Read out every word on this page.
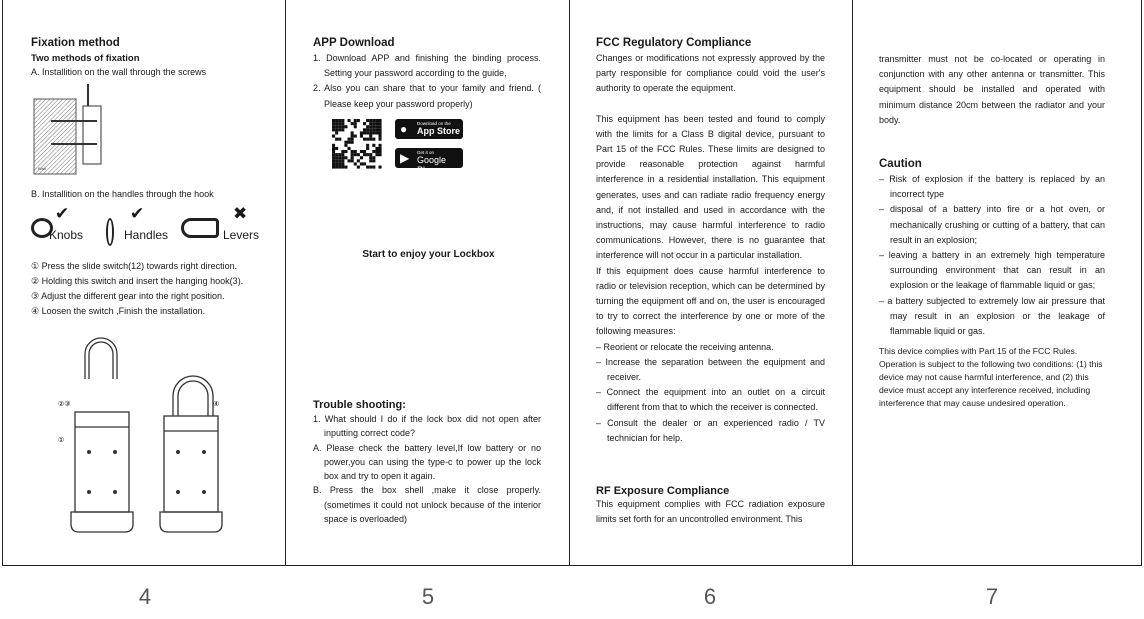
Fixation method
Two methods of fixation
A. Installition on the wall through the screws
Wall
B. Installition on the handles through the hook
✔
Knobs
✔
Handles
✖
Levers

① Press the slide switch(12) towards right direction.

② Holding this switch and insert the hanging hook(3).

③ Adjust the different gear into the right position.

④ Loosen the switch ,Finish the installation.

②③
①
④
4
APP Download

1. Download APP and finishing the binding process. Setting your password according to the guide,

2. Also you can share that to your family and friend. ( Please keep your password properly)

● Download on the
App Store
▶ Get it on
Google Play
Start to enjoy your Lockbox
Trouble shooting:

1. What should I do if the lock box did not open after inputting correct code?

A. Please check the battery level,If low battery or no power,you can using the type-c to power up the lock box and try to open it again.

B. Press the box shell ,make it close properly. (sometimes it could not unlock because of the interior space is overloaded)

5
FCC Regulatory Compliance

Changes or modifications not expressly approved by the party responsible for compliance could void the user's authority to operate the equipment.

This equipment has been tested and found to comply with the limits for a Class B digital device, pursuant to Part 15 of the FCC Rules. These limits are designed to provide reasonable protection against harmful interference in a residential installation. This equipment generates, uses and can radiate radio frequency energy and, if not installed and used in accordance with the instructions, may cause harmful interference to radio communications. However, there is no guarantee that interference will not occur in a particular installation.

If this equipment does cause harmful interference to radio or television reception, which can be determined by turning the equipment off and on, the user is encouraged to try to correct the interference by one or more of the following measures:

– Reorient or relocate the receiving antenna.

– Increase the separation between the equipment and receiver.

– Connect the equipment into an outlet on a circuit different from that to which the receiver is connected.

– Consult the dealer or an experienced radio / TV technician for help.

RF Exposure Compliance
This equipment complies with FCC radiation exposure limits set forth for an uncontrolled environment. This
6
transmitter must not be co-located or operating in conjunction with any other antenna or transmitter. This equipment should be installed and operated with minimum distance 20cm between the radiator and your body.
Caution

– Risk of explosion if the battery is replaced by an incorrect type

– disposal of a battery into fire or a hot oven, or mechanically crushing or cutting of a battery, that can result in an explosion;

– leaving a battery in an extremely high temperature surrounding environment that can result in an explosion or the leakage of flammable liquid or gas;

– a battery subjected to extremely low air pressure that may result in an explosion or the leakage of flammable liquid or gas.

This device complies with Part 15 of the FCC Rules. Operation is subject to the following two conditions: (1) this device may not cause harmful interference, and (2) this device must accept any interference received, including interference that may cause undesired operation.
7
